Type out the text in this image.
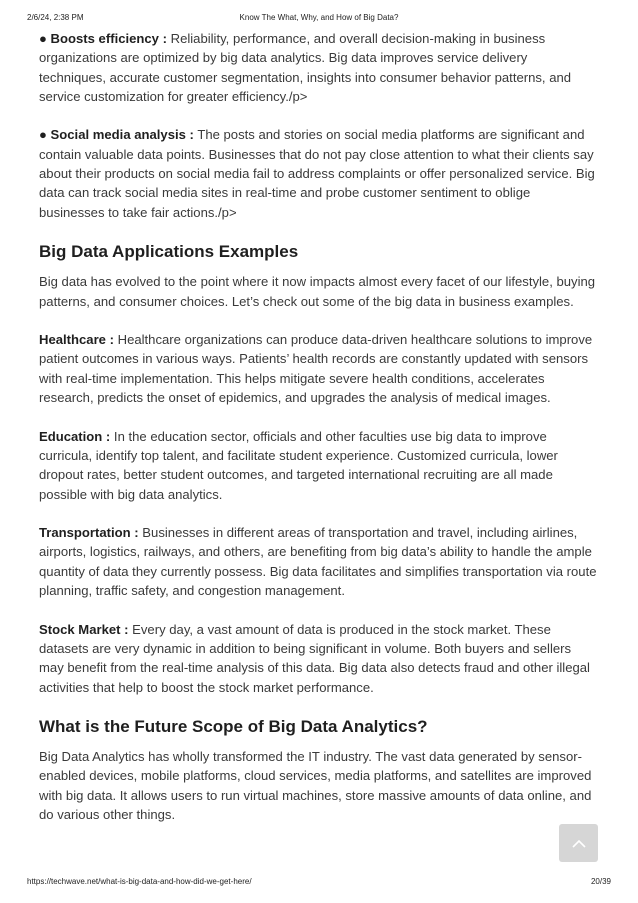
2/6/24, 2:38 PM	Know The What, Why, and How of Big Data?

● Boosts efficiency : Reliability, performance, and overall decision-making in business organizations are optimized by big data analytics. Big data improves service delivery techniques, accurate customer segmentation, insights into consumer behavior patterns, and service customization for greater efficiency./p>

● Social media analysis : The posts and stories on social media platforms are significant and contain valuable data points. Businesses that do not pay close attention to what their clients say about their products on social media fail to address complaints or offer personalized service. Big data can track social media sites in real-time and probe customer sentiment to oblige businesses to take fair actions./p>

Big Data Applications Examples

Big data has evolved to the point where it now impacts almost every facet of our lifestyle, buying patterns, and consumer choices. Let’s check out some of the big data in business examples.

Healthcare : Healthcare organizations can produce data-driven healthcare solutions to improve patient outcomes in various ways. Patients’ health records are constantly updated with sensors with real-time implementation. This helps mitigate severe health conditions, accelerates research, predicts the onset of epidemics, and upgrades the analysis of medical images.

Education : In the education sector, officials and other faculties use big data to improve curricula, identify top talent, and facilitate student experience. Customized curricula, lower dropout rates, better student outcomes, and targeted international recruiting are all made possible with big data analytics.

Transportation : Businesses in different areas of transportation and travel, including airlines, airports, logistics, railways, and others, are benefiting from big data’s ability to handle the ample quantity of data they currently possess. Big data facilitates and simplifies transportation via route planning, traffic safety, and congestion management.

Stock Market : Every day, a vast amount of data is produced in the stock market. These datasets are very dynamic in addition to being significant in volume. Both buyers and sellers may benefit from the real-time analysis of this data. Big data also detects fraud and other illegal activities that help to boost the stock market performance.

What is the Future Scope of Big Data Analytics?

Big Data Analytics has wholly transformed the IT industry. The vast data generated by sensor-enabled devices, mobile platforms, cloud services, media platforms, and satellites are improved with big data. It allows users to run virtual machines, store massive amounts of data online, and do various other things.

https://techwave.net/what-is-big-data-and-how-did-we-get-here/	20/39
